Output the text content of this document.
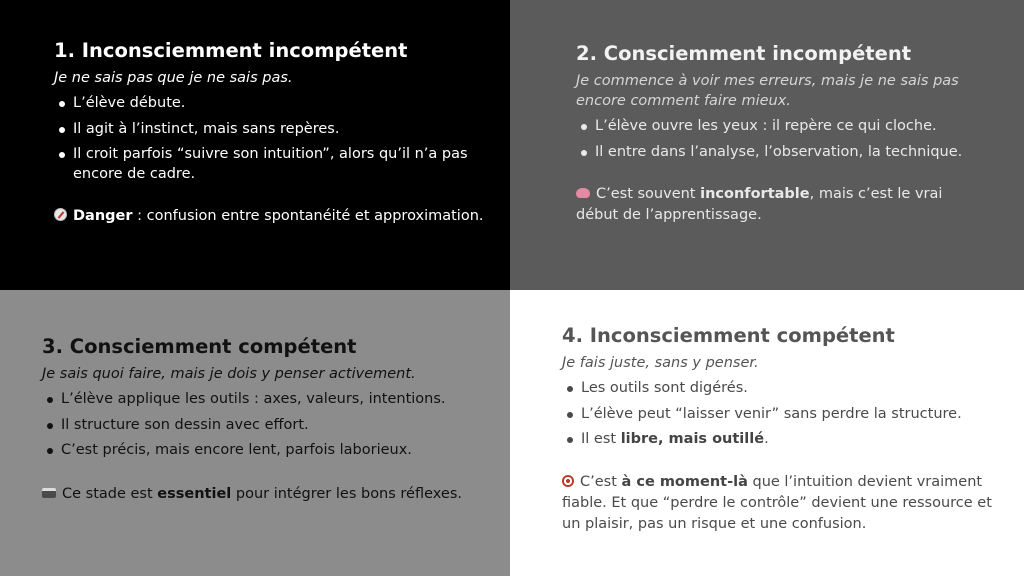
1. Inconsciemment incompétent

Je ne sais pas que je ne sais pas.

L’élève débute.
Il agit à l’instinct, mais sans repères.
Il croit parfois “suivre son intuition”, alors qu’il n’a pas encore de cadre.

Danger : confusion entre spontanéité et approximation.

2. Consciemment incompétent

Je commence à voir mes erreurs, mais je ne sais pas encore comment faire mieux.

L’élève ouvre les yeux : il repère ce qui cloche.
Il entre dans l’analyse, l’observation, la technique.

C’est souvent inconfortable, mais c’est le vrai début de l’apprentissage.

3. Consciemment compétent

Je sais quoi faire, mais je dois y penser activement.

L’élève applique les outils : axes, valeurs, intentions.
Il structure son dessin avec effort.
C’est précis, mais encore lent, parfois laborieux.

Ce stade est essentiel pour intégrer les bons réflexes.

4. Inconsciemment compétent

Je fais juste, sans y penser.

Les outils sont digérés.
L’élève peut “laisser venir” sans perdre la structure.
Il est libre, mais outillé.

C’est à ce moment-là que l’intuition devient vraiment fiable. Et que “perdre le contrôle” devient une ressource et un plaisir, pas un risque et une confusion.
